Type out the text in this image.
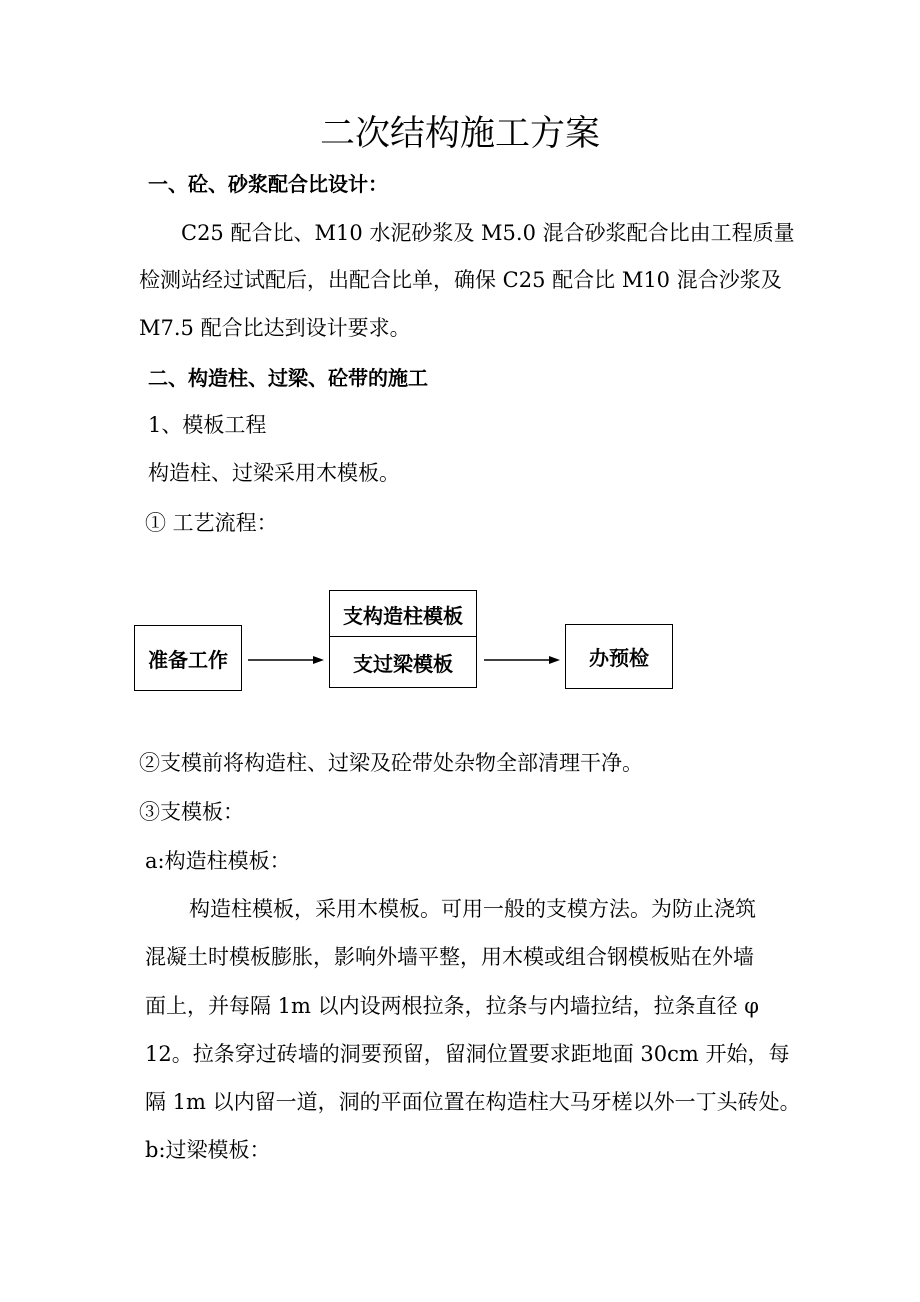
二次结构施工方案
一、砼、砂浆配合比设计：
C25 配合比、M10 水泥砂浆及 M5.0 混合砂浆配合比由工程质量
检测站经过试配后，出配合比单，确保 C25 配合比 M10 混合沙浆及
M7.5 配合比达到设计要求。
二、构造柱、过梁、砼带的施工
1、模板工程
构造柱、过梁采用木模板。
① 工艺流程：
准备工作
支构造柱模板
支过梁模板	办预检
②支模前将构造柱、过梁及砼带处杂物全部清理干净。
③支模板：
a:构造柱模板：
构造柱模板，采用木模板。可用一般的支模方法。为防止浇筑
混凝土时模板膨胀，影响外墙平整，用木模或组合钢模板贴在外墙
面上，并每隔 1m 以内设两根拉条，拉条与内墙拉结，拉条直径 φ
12。拉条穿过砖墙的洞要预留，留洞位置要求距地面 30cm 开始，每
隔 1m 以内留一道，洞的平面位置在构造柱大马牙槎以外一丁头砖处。
b:过梁模板：
